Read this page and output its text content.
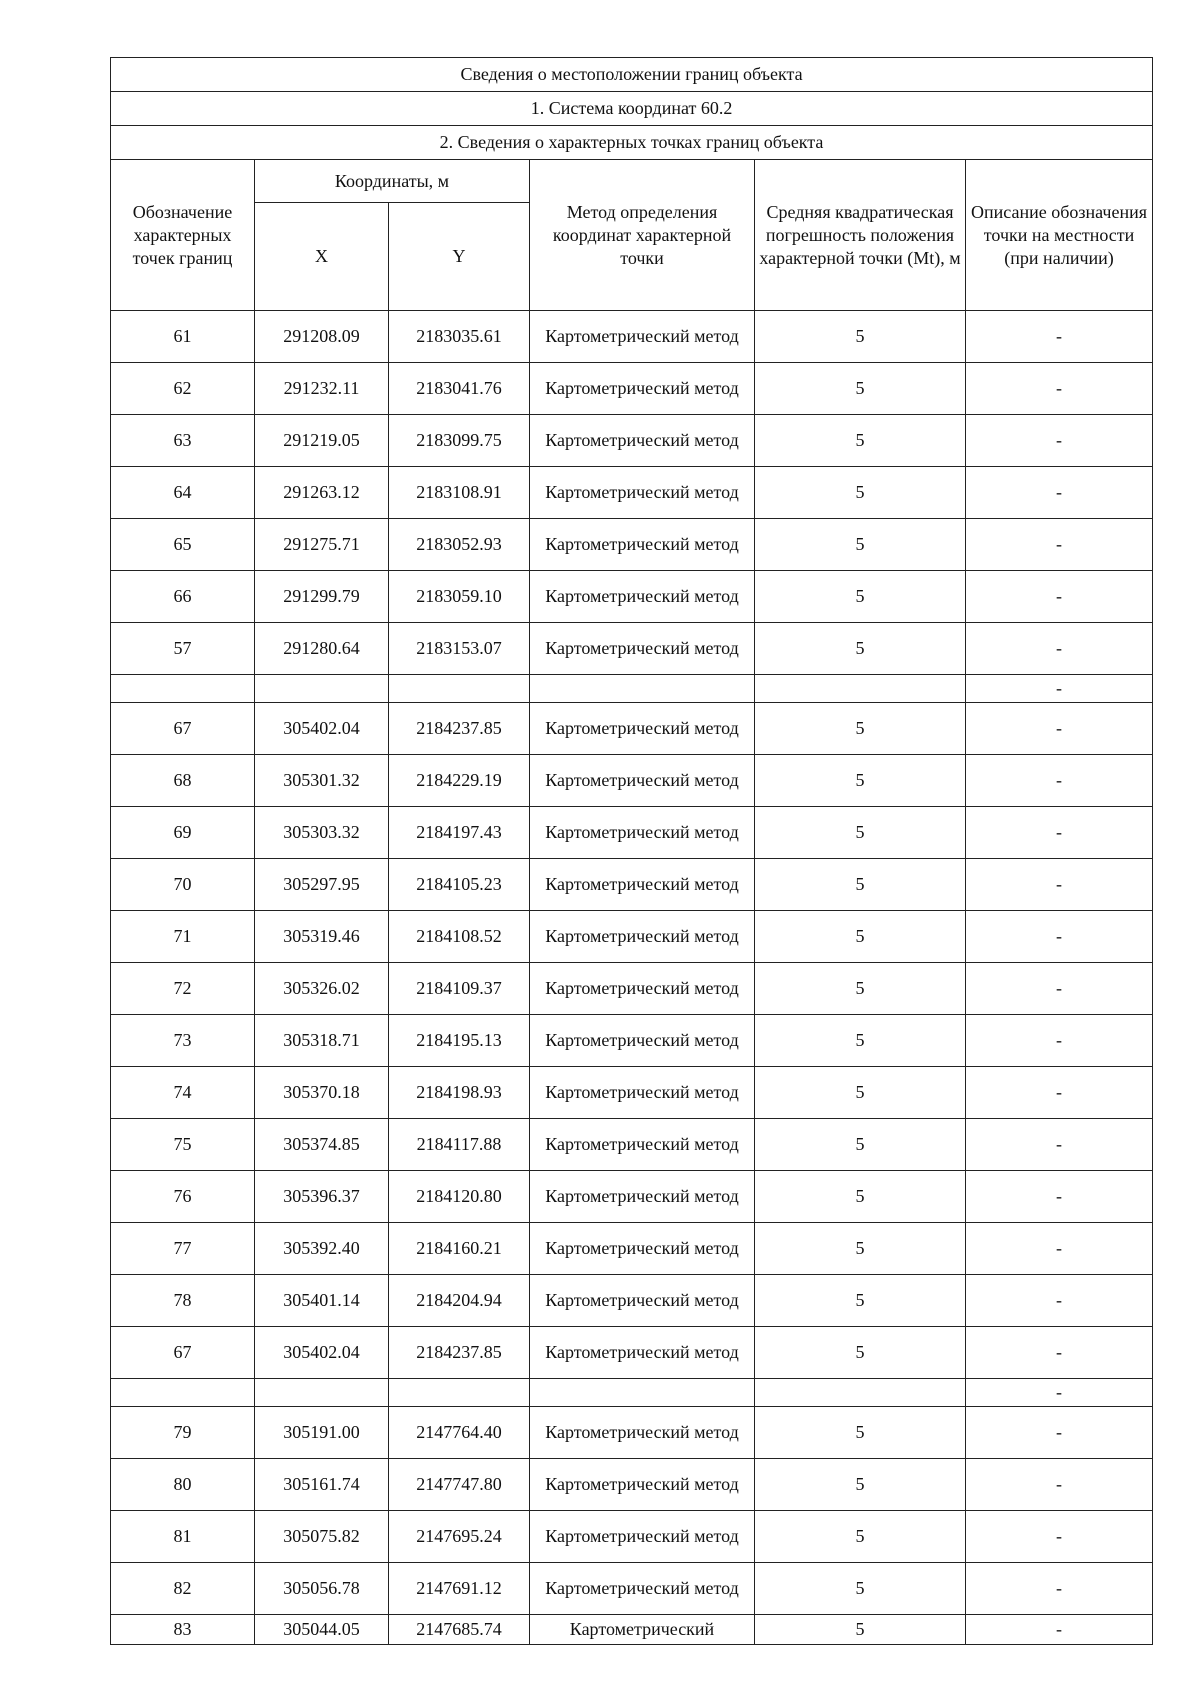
Сведения о местоположении границ объекта					
1. Система координат 60.2					
2. Сведения о характерных точках границ объекта					
Обозначение характерных точек границ	Координаты, м		Метод определения координат характерной точки	Средняя квадратическая погрешность положения характерной точки (Mt), м	Описание обозначения точки на местности (при наличии)
	X	Y			
61	291208.09	2183035.61	Картометрический метод	5	-
62	291232.11	2183041.76	Картометрический метод	5	-
63	291219.05	2183099.75	Картометрический метод	5	-
64	291263.12	2183108.91	Картометрический метод	5	-
65	291275.71	2183052.93	Картометрический метод	5	-
66	291299.79	2183059.10	Картометрический метод	5	-
57	291280.64	2183153.07	Картометрический метод	5	-
					-
67	305402.04	2184237.85	Картометрический метод	5	-
68	305301.32	2184229.19	Картометрический метод	5	-
69	305303.32	2184197.43	Картометрический метод	5	-
70	305297.95	2184105.23	Картометрический метод	5	-
71	305319.46	2184108.52	Картометрический метод	5	-
72	305326.02	2184109.37	Картометрический метод	5	-
73	305318.71	2184195.13	Картометрический метод	5	-
74	305370.18	2184198.93	Картометрический метод	5	-
75	305374.85	2184117.88	Картометрический метод	5	-
76	305396.37	2184120.80	Картометрический метод	5	-
77	305392.40	2184160.21	Картометрический метод	5	-
78	305401.14	2184204.94	Картометрический метод	5	-
67	305402.04	2184237.85	Картометрический метод	5	-
					-
79	305191.00	2147764.40	Картометрический метод	5	-
80	305161.74	2147747.80	Картометрический метод	5	-
81	305075.82	2147695.24	Картометрический метод	5	-
82	305056.78	2147691.12	Картометрический метод	5	-
83	305044.05	2147685.74	Картометрический	5	-
